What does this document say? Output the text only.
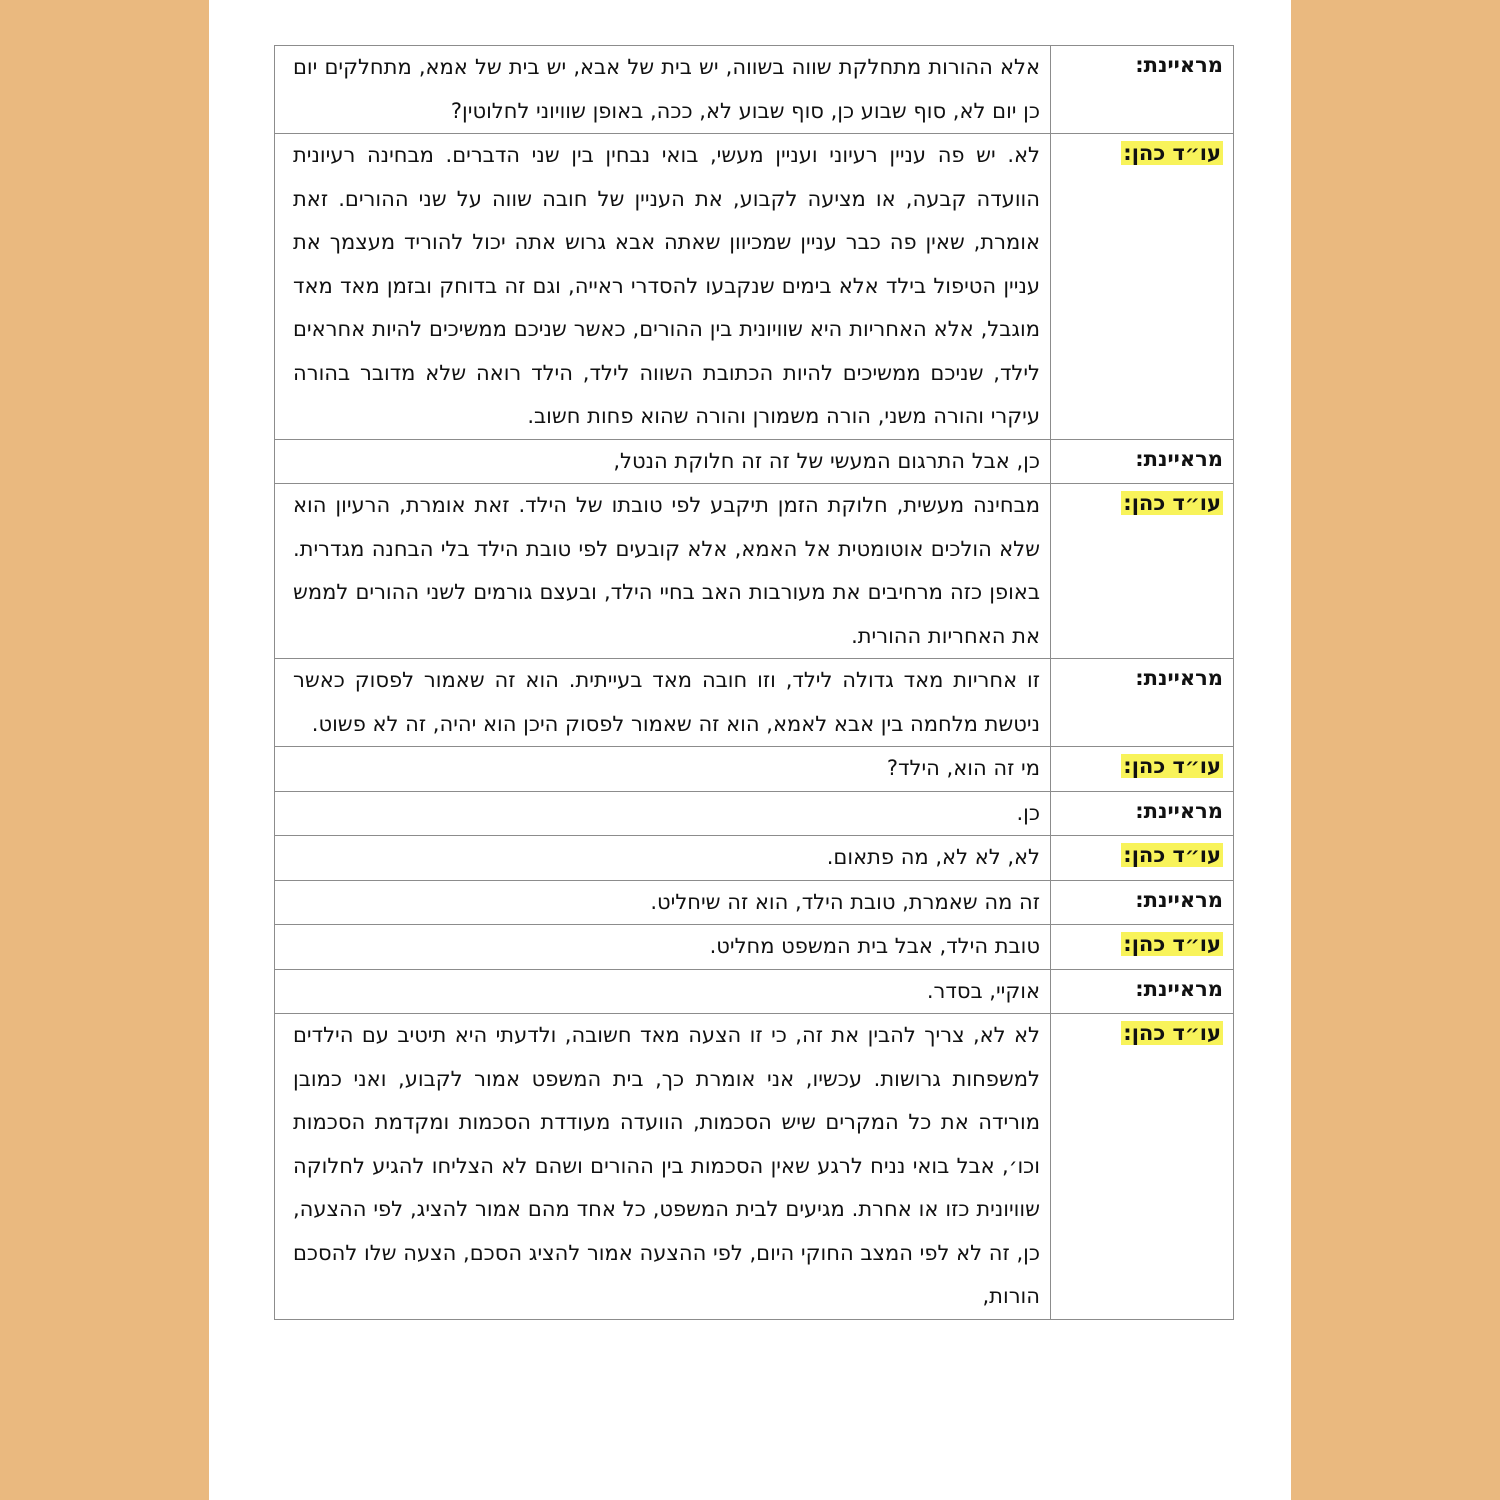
מראיינת:	אלא ההורות מתחלקת שווה בשווה, יש בית של אבא, יש בית של אמא, מתחלקים יום כן יום לא, סוף שבוע כן, סוף שבוע לא, ככה, באופן שוויוני לחלוטין?
עו״ד כהן:	לא. יש פה עניין רעיוני ועניין מעשי, בואי נבחין בין שני הדברים. מבחינה רעיונית הוועדה קבעה, או מציעה לקבוע, את העניין של חובה שווה על שני ההורים. זאת אומרת, שאין פה כבר עניין שמכיוון שאתה אבא גרוש אתה יכול להוריד מעצמך את עניין הטיפול בילד אלא בימים שנקבעו להסדרי ראייה, וגם זה בדוחק ובזמן מאד מאד מוגבל, אלא האחריות היא שוויונית בין ההורים, כאשר שניכם ממשיכים להיות אחראים לילד, שניכם ממשיכים להיות הכתובת השווה לילד, הילד רואה שלא מדובר בהורה עיקרי והורה משני, הורה משמורן והורה שהוא פחות חשוב.
מראיינת:	כן, אבל התרגום המעשי של זה זה חלוקת הנטל,
עו״ד כהן:	מבחינה מעשית, חלוקת הזמן תיקבע לפי טובתו של הילד. זאת אומרת, הרעיון הוא שלא הולכים אוטומטית אל האמא, אלא קובעים לפי טובת הילד בלי הבחנה מגדרית. באופן כזה מרחיבים את מעורבות האב בחיי הילד, ובעצם גורמים לשני ההורים לממש את האחריות ההורית.
מראיינת:	זו אחריות מאד גדולה לילד, וזו חובה מאד בעייתית. הוא זה שאמור לפסוק כאשר ניטשת מלחמה בין אבא לאמא, הוא זה שאמור לפסוק היכן הוא יהיה, זה לא פשוט.
עו״ד כהן:	מי זה הוא, הילד?
מראיינת:	כן.
עו״ד כהן:	לא, לא לא, מה פתאום.
מראיינת:	זה מה שאמרת, טובת הילד, הוא זה שיחליט.
עו״ד כהן:	טובת הילד, אבל בית המשפט מחליט.
מראיינת:	אוקיי, בסדר.
עו״ד כהן:	לא לא, צריך להבין את זה, כי זו הצעה מאד חשובה, ולדעתי היא תיטיב עם הילדים למשפחות גרושות. עכשיו, אני אומרת כך, בית המשפט אמור לקבוע, ואני כמובן מורידה את כל המקרים שיש הסכמות, הוועדה מעודדת הסכמות ומקדמת הסכמות וכו׳, אבל בואי נניח לרגע שאין הסכמות בין ההורים ושהם לא הצליחו להגיע לחלוקה שוויונית כזו או אחרת. מגיעים לבית המשפט, כל אחד מהם אמור להציג, לפי ההצעה, כן, זה לא לפי המצב החוקי היום, לפי ההצעה אמור להציג הסכם, הצעה שלו להסכם הורות,
